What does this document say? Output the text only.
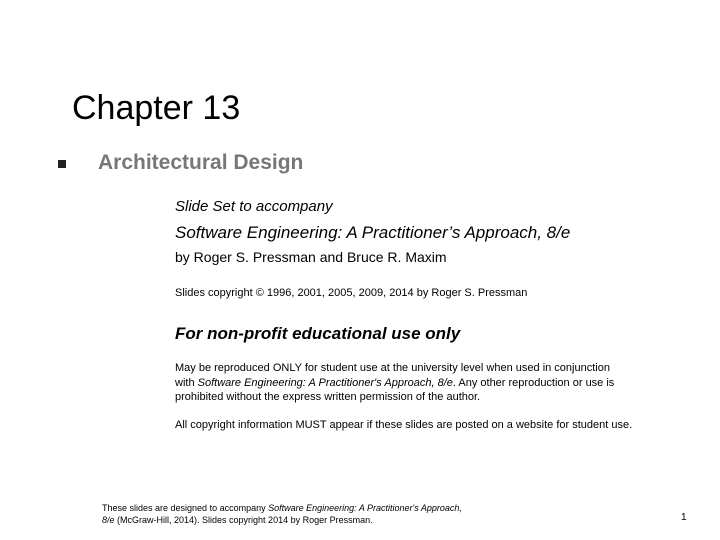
Chapter 13
Architectural Design
Slide Set to accompany
Software Engineering: A Practitioner’s Approach, 8/e
by Roger S. Pressman and Bruce R. Maxim
Slides copyright © 1996, 2001, 2005, 2009, 2014 by Roger S. Pressman
For non-profit educational use only
May be reproduced ONLY for student use at the university level when used in conjunction
with Software Engineering: A Practitioner's Approach, 8/e. Any other reproduction or use is
prohibited without the express written permission of the author.
All copyright information MUST appear if these slides are posted on a website for student use.
These slides are designed to accompany Software Engineering: A Practitioner's Approach,
8/e (McGraw-Hill, 2014). Slides copyright 2014 by Roger Pressman.	1
